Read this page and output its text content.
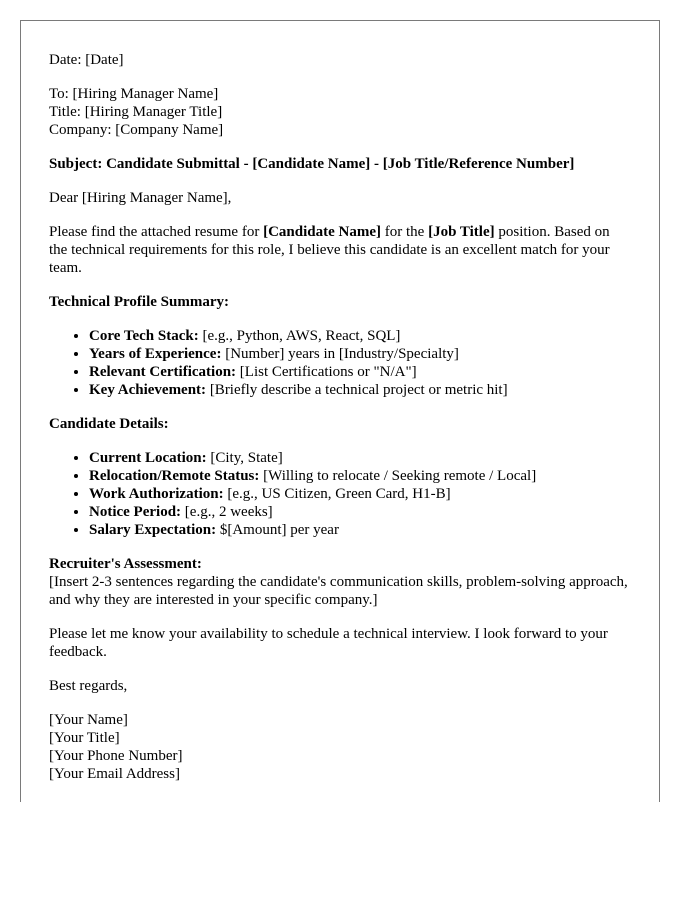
Date: [Date]

To: [Hiring Manager Name]
Title: [Hiring Manager Title]
Company: [Company Name]

Subject: Candidate Submittal - [Candidate Name] - [Job Title/Reference Number]

Dear [Hiring Manager Name],

Please find the attached resume for [Candidate Name] for the [Job Title] position. Based on the technical requirements for this role, I believe this candidate is an excellent match for your team.

Technical Profile Summary:

• Core Tech Stack: [e.g., Python, AWS, React, SQL]
• Years of Experience: [Number] years in [Industry/Specialty]
• Relevant Certification: [List Certifications or "N/A"]
• Key Achievement: [Briefly describe a technical project or metric hit]

Candidate Details:

• Current Location: [City, State]
• Relocation/Remote Status: [Willing to relocate / Seeking remote / Local]
• Work Authorization: [e.g., US Citizen, Green Card, H1-B]
• Notice Period: [e.g., 2 weeks]
• Salary Expectation: $[Amount] per year

Recruiter's Assessment:
[Insert 2-3 sentences regarding the candidate's communication skills, problem-solving approach, and why they are interested in your specific company.]

Please let me know your availability to schedule a technical interview. I look forward to your feedback.

Best regards,

[Your Name]
[Your Title]
[Your Phone Number]
[Your Email Address]
